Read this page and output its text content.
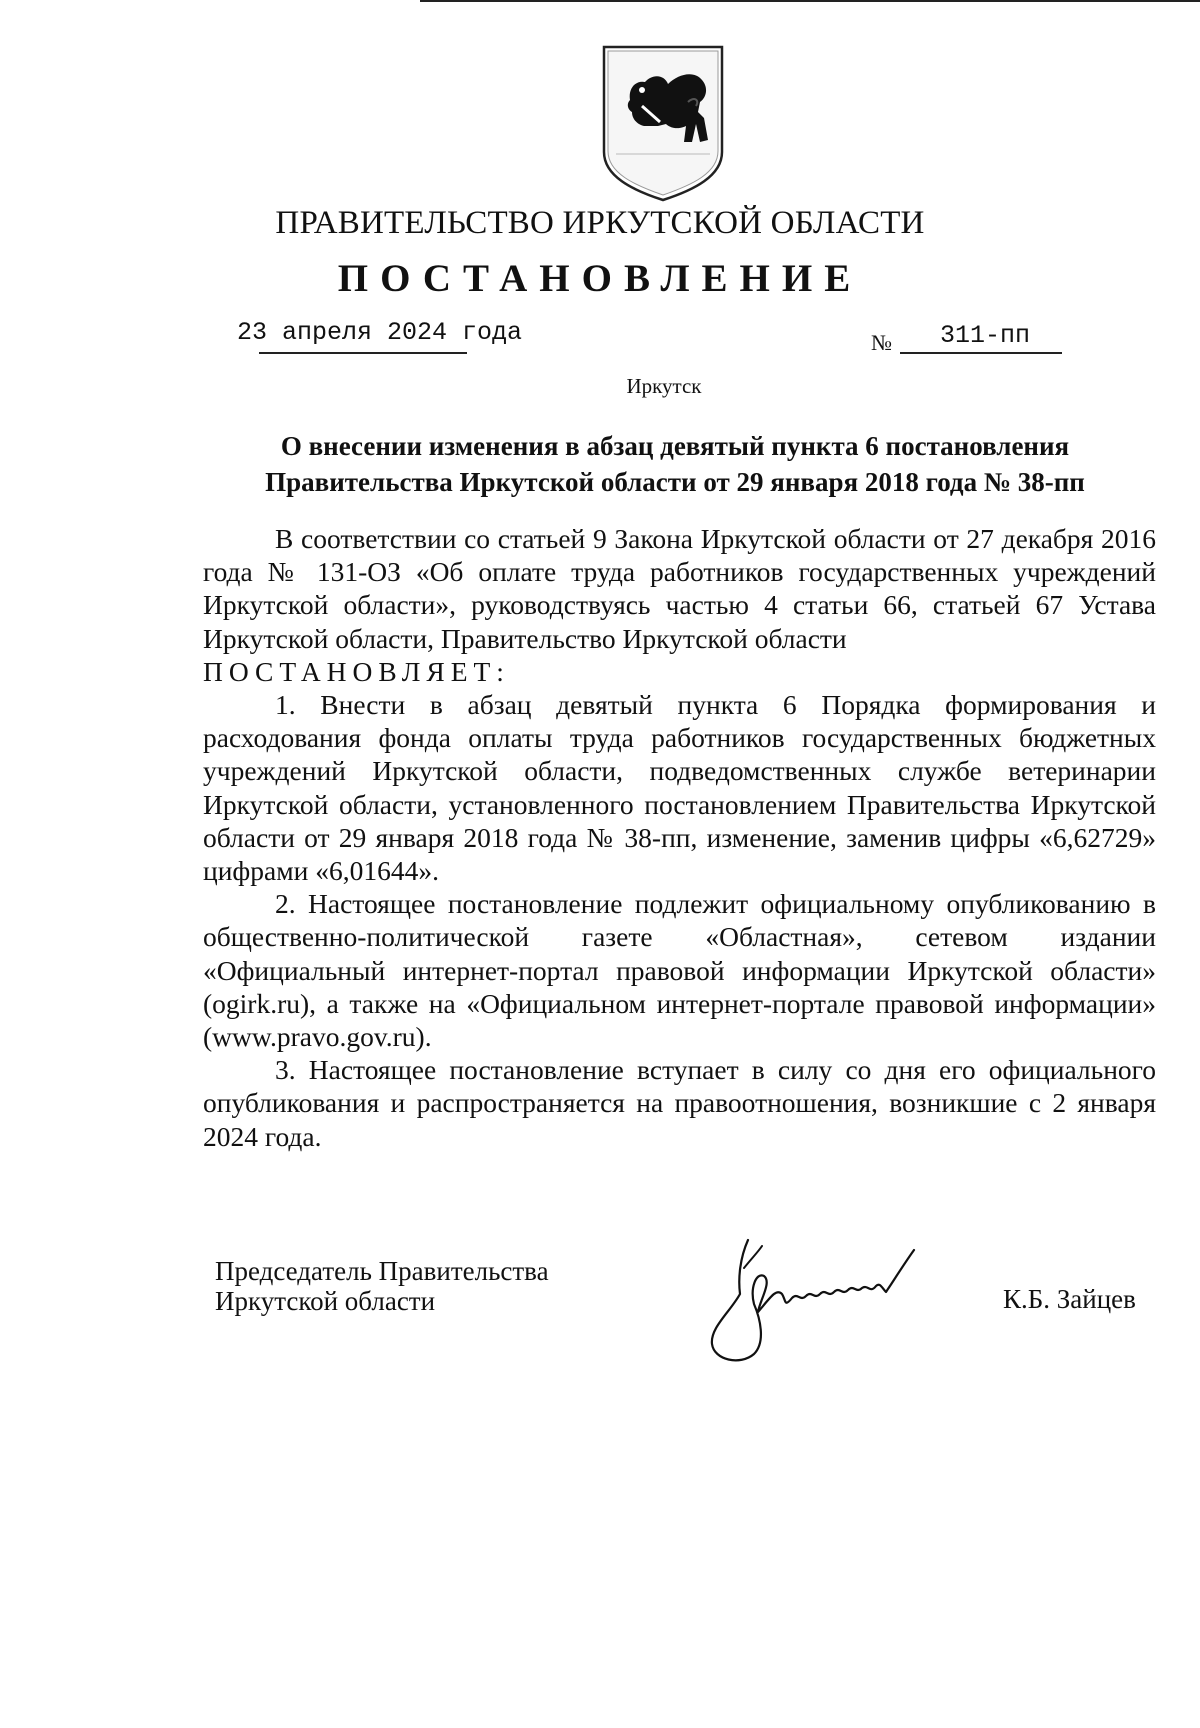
ПРАВИТЕЛЬСТВО ИРКУТСКОЙ ОБЛАСТИ
ПОСТАНОВЛЕНИЕ
23 апреля 2024 года	№ 311-пп
Иркутск
О внесении изменения в абзац девятый пункта 6 постановления
Правительства Иркутской области от 29 января 2018 года № 38-пп

В соответствии со статьей 9 Закона Иркутской области от 27 декабря 2016 года № 131-ОЗ «Об оплате труда работников государственных учреждений Иркутской области», руководствуясь частью 4 статьи 66, статьей 67 Устава Иркутской области, Правительство Иркутской области

ПОСТАНОВЛЯЕТ:

1. Внести в абзац девятый пункта 6 Порядка формирования и расходования фонда оплаты труда работников государственных бюджетных учреждений Иркутской области, подведомственных службе ветеринарии Иркутской области, установленного постановлением Правительства Иркутской области от 29 января 2018 года № 38-пп, изменение, заменив цифры «6,62729» цифрами «6,01644».

2. Настоящее постановление подлежит официальному опубликованию в общественно-политической газете «Областная», сетевом издании «Официальный интернет-портал правовой информации Иркутской области» (ogirk.ru), а также на «Официальном интернет-портале правовой информации» (www.pravo.gov.ru).

3. Настоящее постановление вступает в силу со дня его официального опубликования и распространяется на правоотношения, возникшие с 2 января 2024 года.

Председатель Правительства
Иркутской области	К.Б. Зайцев
